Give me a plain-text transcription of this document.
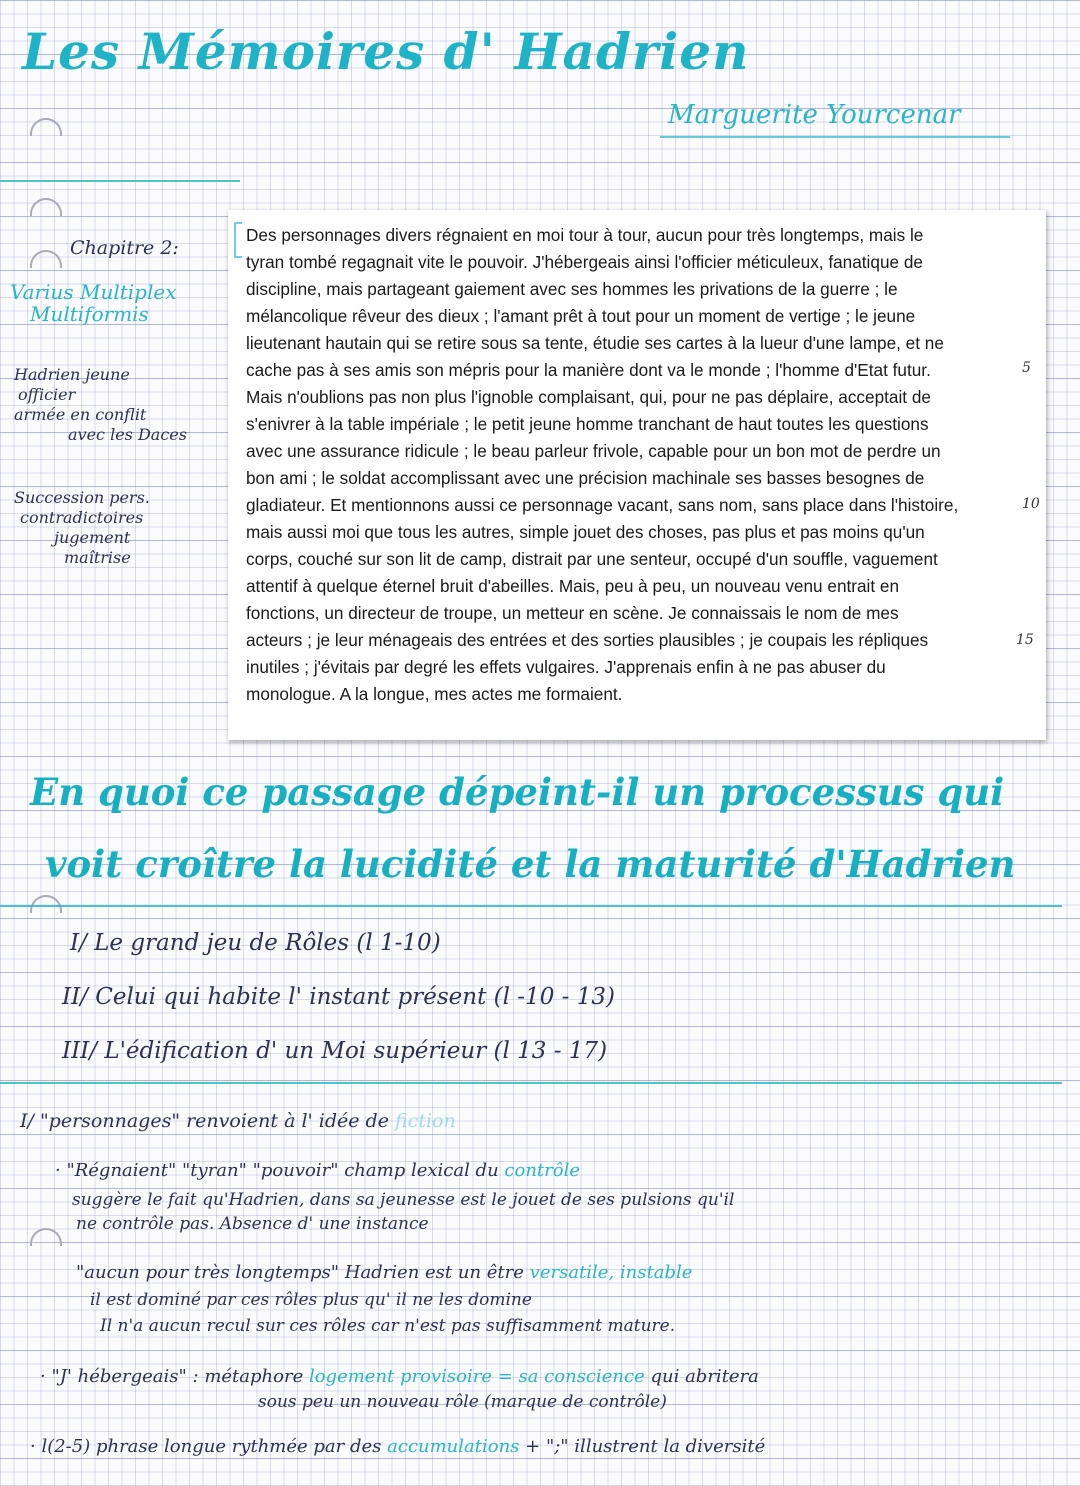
Les Mémoires d' Hadrien
Marguerite Yourcenar
Chapitre 2:
Varius Multiplex
Multiformis
Hadrien jeune
officier
armée en conflit
avec les Daces
Succession pers.
contradictoires
jugement
maîtrise
Des personnages divers régnaient en moi tour à tour, aucun pour très longtemps, mais le
tyran tombé regagnait vite le pouvoir. J'hébergeais ainsi l'officier méticuleux, fanatique de
discipline, mais partageant gaiement avec ses hommes les privations de la guerre ; le
mélancolique rêveur des dieux ; l'amant prêt à tout pour un moment de vertige ; le jeune
lieutenant hautain qui se retire sous sa tente, étudie ses cartes à la lueur d'une lampe, et ne
cache pas à ses amis son mépris pour la manière dont va le monde ; l'homme d'Etat futur.
Mais n'oublions pas non plus l'ignoble complaisant, qui, pour ne pas déplaire, acceptait de
s'enivrer à la table impériale ; le petit jeune homme tranchant de haut toutes les questions
avec une assurance ridicule ; le beau parleur frivole, capable pour un bon mot de perdre un
bon ami ; le soldat accomplissant avec une précision machinale ses basses besognes de
gladiateur. Et mentionnons aussi ce personnage vacant, sans nom, sans place dans l'histoire,
mais aussi moi que tous les autres, simple jouet des choses, pas plus et pas moins qu'un
corps, couché sur son lit de camp, distrait par une senteur, occupé d'un souffle, vaguement
attentif à quelque éternel bruit d'abeilles. Mais, peu à peu, un nouveau venu entrait en
fonctions, un directeur de troupe, un metteur en scène. Je connaissais le nom de mes
acteurs ; je leur ménageais des entrées et des sorties plausibles ; je coupais les répliques
inutiles ; j'évitais par degré les effets vulgaires. J'apprenais enfin à ne pas abuser du
monologue. A la longue, mes actes me formaient.
5
10
15
En quoi ce passage dépeint-il un processus qui
voit croître la lucidité et la maturité d'Hadrien
I/ Le grand jeu de Rôles (l 1-10)
II/ Celui qui habite l' instant présent (l -10 - 13)
III/ L'édification d' un Moi supérieur (l 13 - 17)
I/ "personnages" renvoient à l' idée de fiction
· "Régnaient" "tyran" "pouvoir" champ lexical du contrôle
suggère le fait qu'Hadrien, dans sa jeunesse est le jouet de ses pulsions qu'il
ne contrôle pas. Absence d' une instance
"aucun pour très longtemps" Hadrien est un être versatile, instable
il est dominé par ces rôles plus qu' il ne les domine
Il n'a aucun recul sur ces rôles car n'est pas suffisamment mature.
· "J' hébergeais" : métaphore logement provisoire = sa conscience qui abritera
sous peu un nouveau rôle (marque de contrôle)
· l(2-5) phrase longue rythmée par des accumulations + ";" illustrent la diversité
